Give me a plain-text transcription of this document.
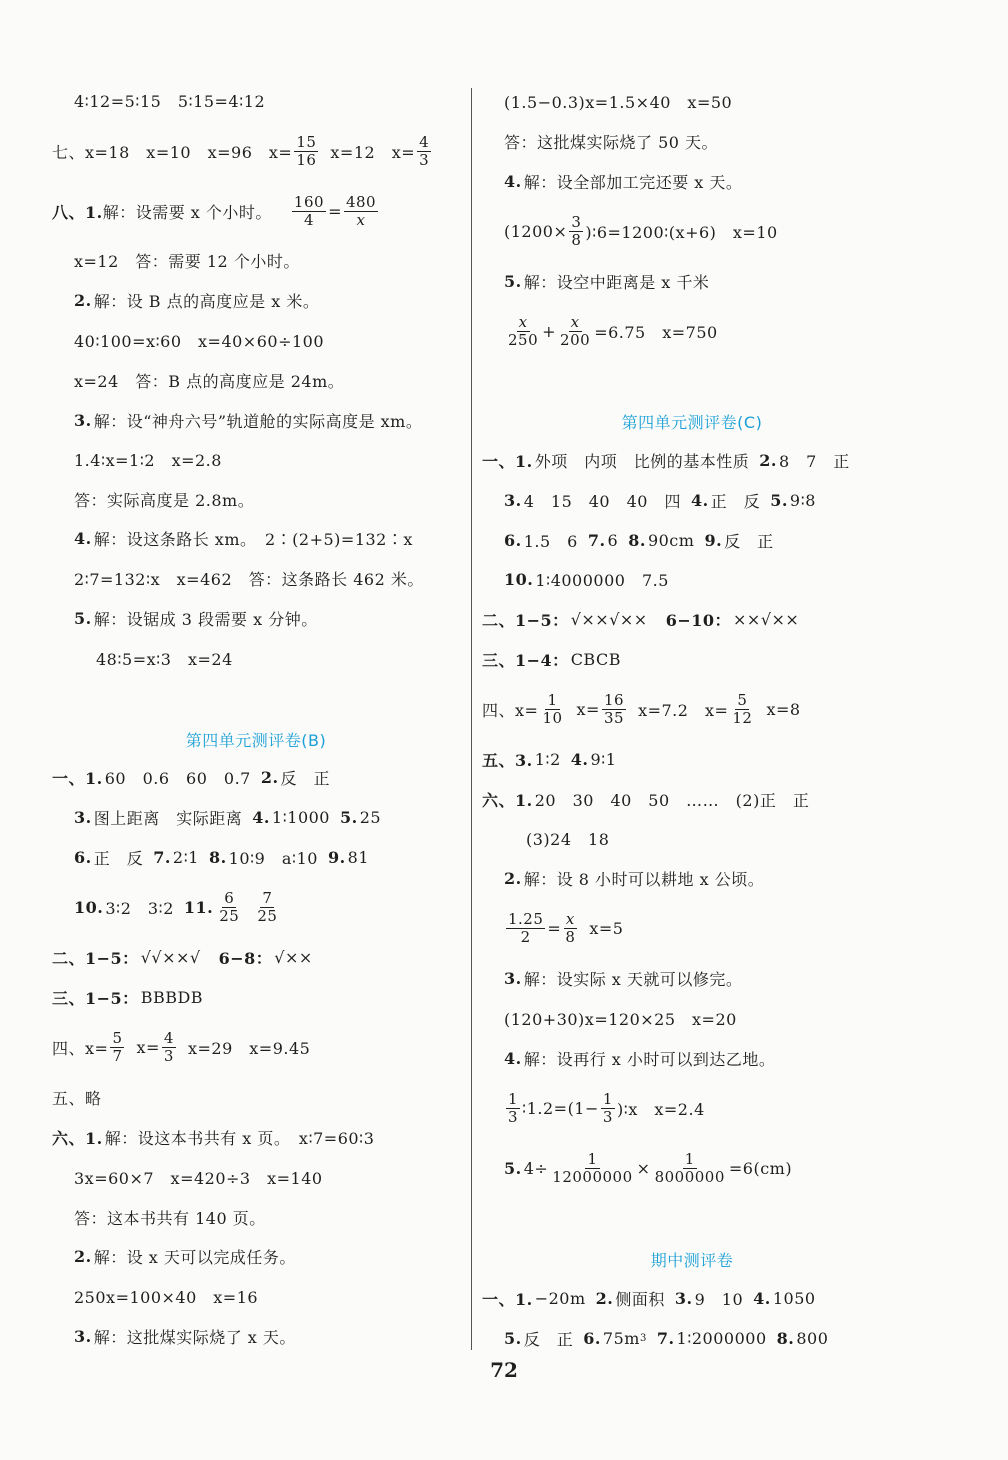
4∶12=5∶15　5∶15=4∶12
七、x=18　x=10　x=96　$x= \frac{15}{16} x=12$　$x= \frac{4}{3}$
八、1. 解：设需要 x 个小时。 $\frac{160}{4} = \frac{480}{x}$
x=12　答：需要 12 个小时。
2. 解：设 B 点的高度应是 x 米。
40∶100=x∶60　x=40×60÷100
x=24　答：B 点的高度应是 24m。
3. 解：设“神舟六号”轨道舱的实际高度是 xm。
1.4∶x=1∶2　x=2.8
答：实际高度是 2.8m。
4. 解：设这条路长 xm。　2∶(2+5)=132∶x
2∶7=132∶x　x=462　答：这条路长 462 米。
5. 解：设锯成 3 段需要 x 分钟。
48∶5=x∶3　x=24
第四单元测评卷(B)
一、1. 60　0.6　60　0.7 2. 反　正
3. 图上距离　实际距离 4. 1∶1000 5. 25
6. 正　反 7. 2∶1 8. 10∶9　a∶10 9. 81
10. 3∶2　3∶2 11. $\frac{6}{25} \frac{7}{25}$
二、1−5： √√××√ 6−8： √××
三、1−5： BBBDB
四、$x= \frac{5}{7} x= \frac{4}{3} x=29$　x=9.45
五、略
六、1. 解：设这本书共有 x 页。　x∶7=60∶3
3x=60×7　x=420÷3　x=140
答：这本书共有 140 页。
2. 解：设 x 天可以完成任务。
250x=100×40　x=16
3. 解：这批煤实际烧了 x 天。
(1.5−0.3)x=1.5×40　x=50
答：这批煤实际烧了 50 天。
4. 解：设全部加工完还要 x 天。
($1200\times \frac{3}{8}$ )∶6=1200∶(x+6)　x=10
5. 解：设空中距离是 x 千米
$\frac{x}{250} + \frac{x}{200} =6.75$　x=750
第四单元测评卷(C)
一、1. 外项　内项　比例的基本性质 2. 8　7　正
3. 4　15　40　40　四 4. 正　反 5. 9∶8
6. 1.5　6 7. 6 8. 90cm 9. 反　正
10. 1∶4000000　7.5
二、1−5： √××√×× 6−10： ××√××
三、1−4： CBCB
四、$x= \frac{1}{10} x= \frac{16}{35} x=7.2$　$x= \frac{5}{12} x=8$
五、3. 1∶2 4. 9∶1
六、1. 20　30　40　50　……　(2)正　正
(3)24　18
2. 解：设 8 小时可以耕地 x 公顷。
$\frac{1.25}{2} = \frac{x}{8} x=5$
3. 解：设实际 x 天就可以修完。
(120+30)x=120×25　x=20
4. 解：设再行 x 小时可以到达乙地。
$\frac{1}{3}$ ∶1.2=(1− $\frac{1}{3}$ )∶x　x=2.4
5. $4\div \frac{1}{12000000} \times \frac{1}{8000000} =6(cm)$
期中测评卷
一、1. −20m 2. 侧面积 3. 9　10 4. 1050
5. 反　正 6. 75m 3 7. 1∶2000000 8. 800
72
